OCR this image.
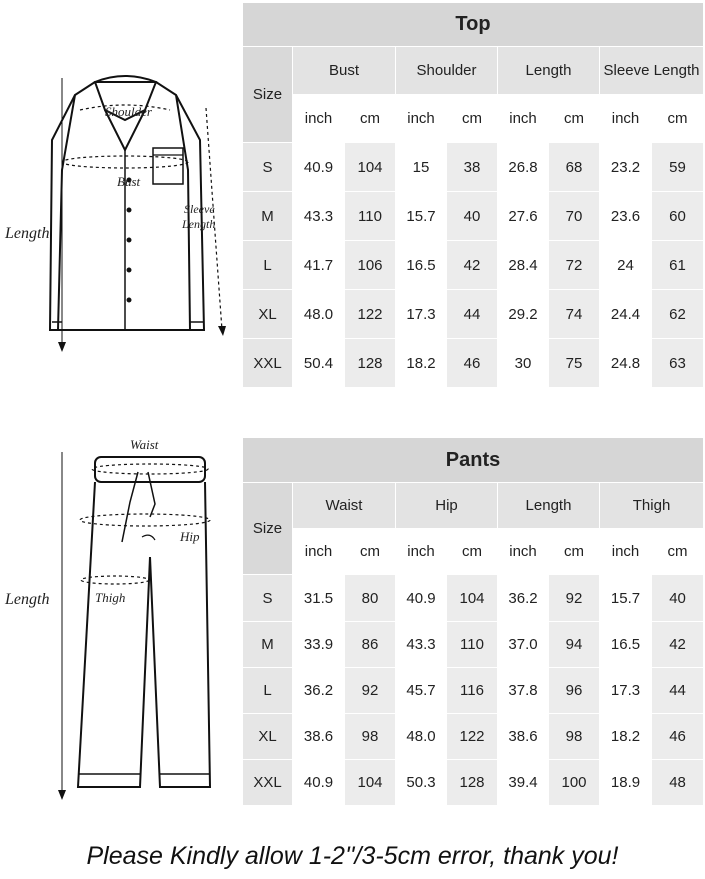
Shoulder
Bust
Sleeve
Length
Length
Waist
Hip
Thigh
Length
Top								
Size	Bust		Shoulder		Length		Sleeve Length	
	inch	cm	inch	cm	inch	cm	inch	cm
S	40.9	104	15	38	26.8	68	23.2	59
M	43.3	110	15.7	40	27.6	70	23.6	60
L	41.7	106	16.5	42	28.4	72	24	61
XL	48.0	122	17.3	44	29.2	74	24.4	62
XXL	50.4	128	18.2	46	30	75	24.8	63
Pants								
Size	Waist		Hip		Length		Thigh	
	inch	cm	inch	cm	inch	cm	inch	cm
S	31.5	80	40.9	104	36.2	92	15.7	40
M	33.9	86	43.3	110	37.0	94	16.5	42
L	36.2	92	45.7	116	37.8	96	17.3	44
XL	38.6	98	48.0	122	38.6	98	18.2	46
XXL	40.9	104	50.3	128	39.4	100	18.9	48
Please Kindly allow 1-2''/3-5cm error, thank you!
